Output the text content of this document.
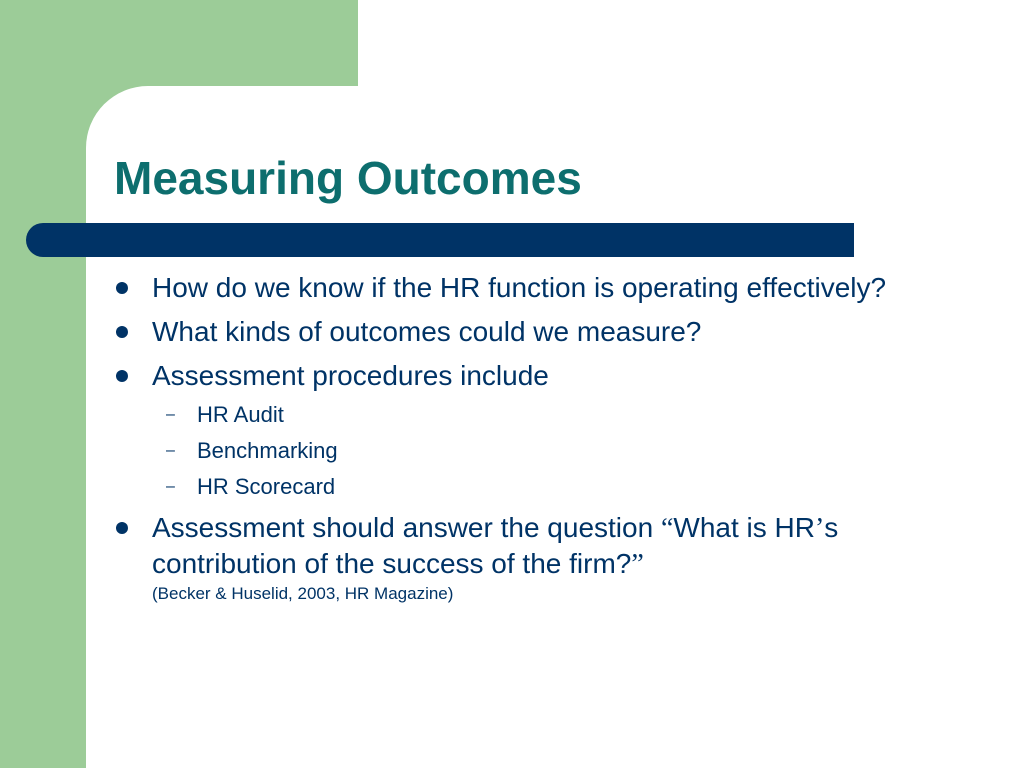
Measuring Outcomes
How do we know if the HR function is operating effectively?
What kinds of outcomes could we measure?
Assessment procedures include
– HR Audit
– Benchmarking
– HR Scorecard
Assessment should answer the question “What is HR’s contribution of the success of the firm?”
(Becker & Huselid, 2003, HR Magazine)
